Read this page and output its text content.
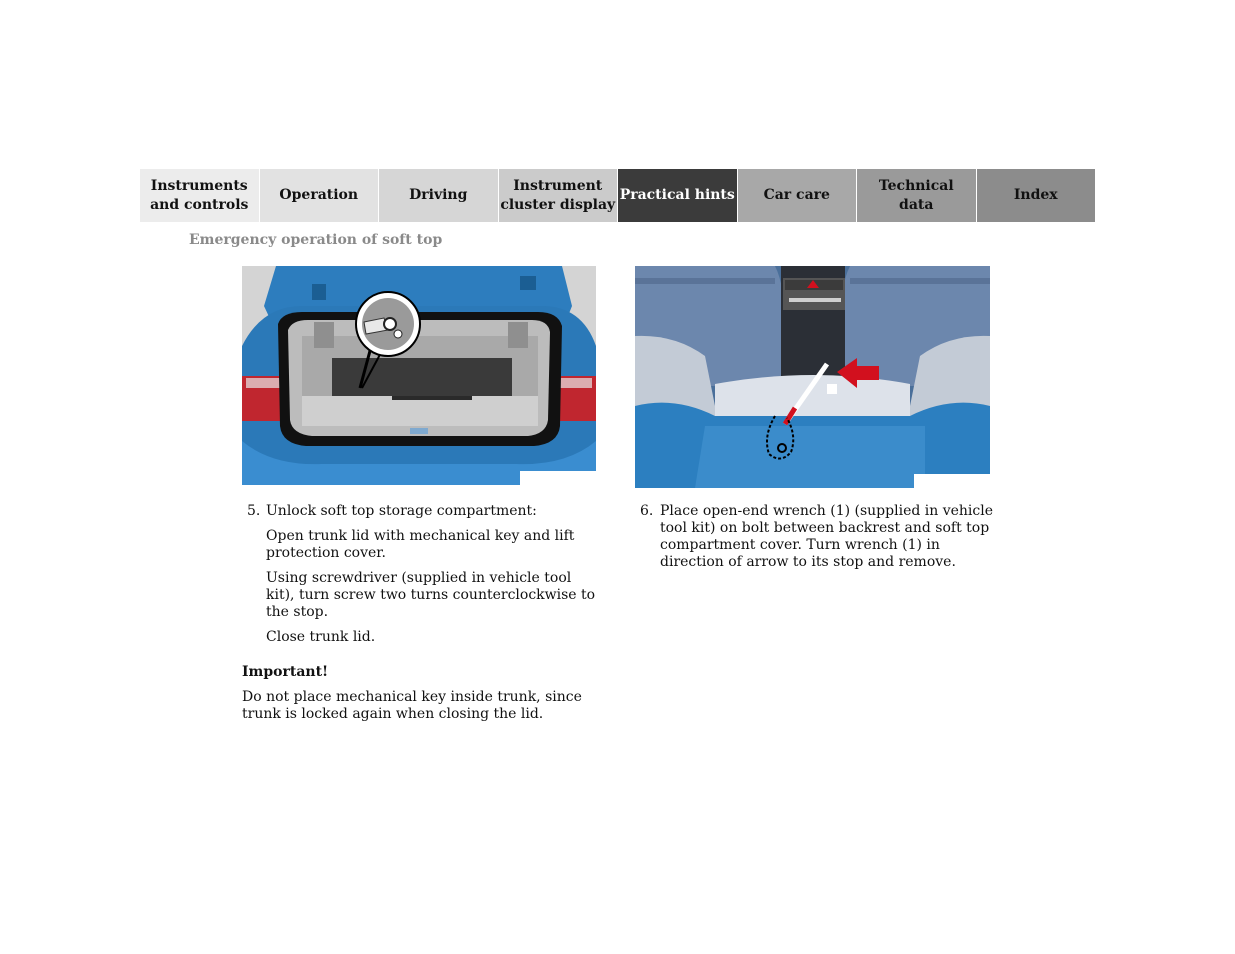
Instruments
and controls
Operation	Driving
Instrument
cluster display
Practical hints Car care
Technical
data
Index
Emergency operation of soft top
5. Unlock soft top storage compartment:
Open trunk lid with mechanical key and lift protection cover.
Using screwdriver (supplied in vehicle tool kit), turn screw two turns counterclockwise to the stop.
Close trunk lid.
Important!
Do not place mechanical key inside trunk, since trunk is locked again when closing the lid.
6. Place open-end wrench (1) (supplied in vehicle tool kit) on bolt between backrest and soft top compartment cover. Turn wrench (1) in direction of arrow to its stop and remove.
